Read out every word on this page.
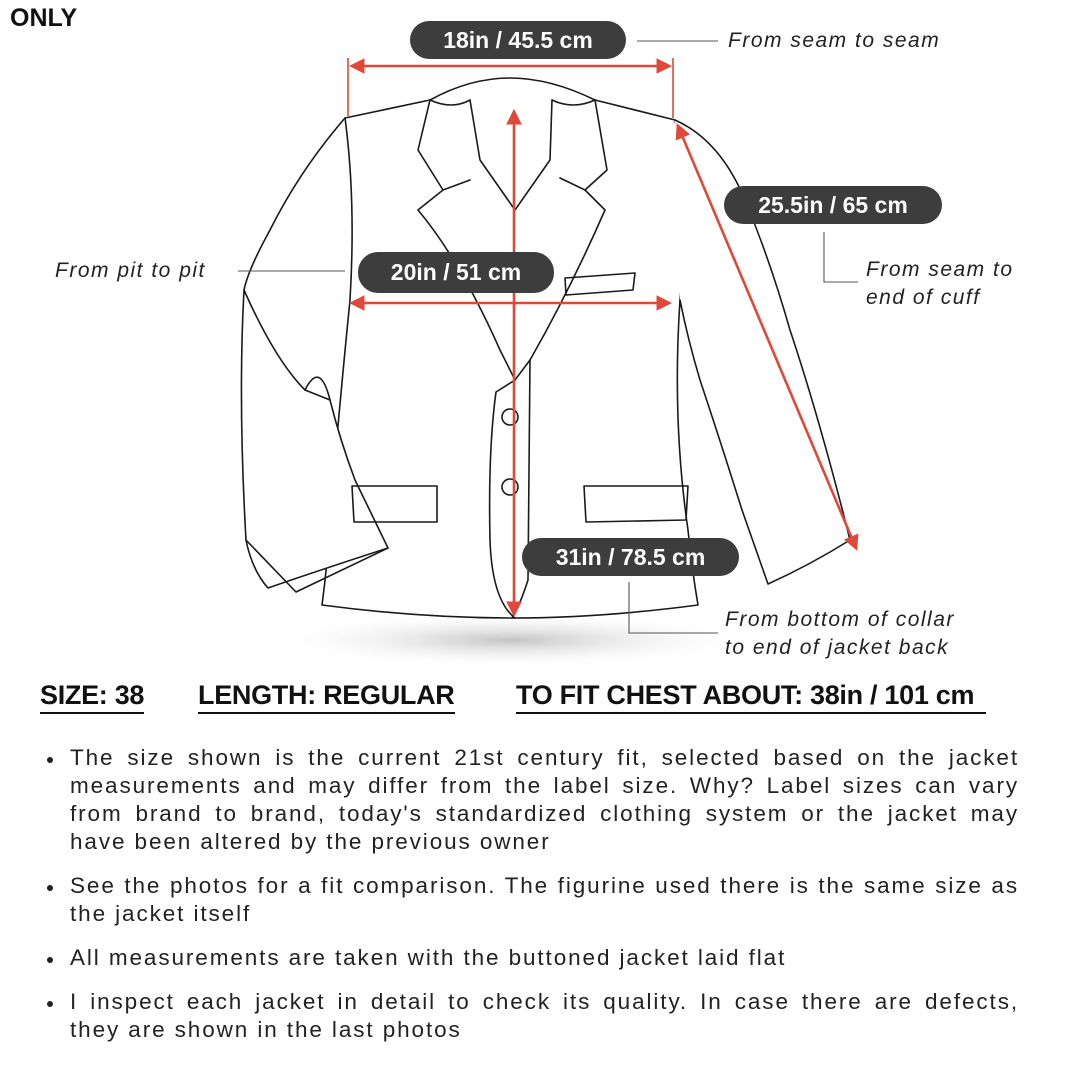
ONLY
18in / 45.5 cm
25.5in / 65 cm
20in / 51 cm
31in / 78.5 cm
From seam to seam
From pit to pit	From seam to
end of cuff
From bottom of collar
to end of jacket back
SIZE: 38 LENGTH: REGULAR TO FIT CHEST ABOUT: 38in / 101 cm
The size shown is the current 21st century fit, selected based on the jacket measurements and may differ from the label size. Why? Label sizes can vary from brand to brand, today's standardized clothing system or the jacket may have been altered by the previous owner
See the photos for a fit comparison. The figurine used there is the same size as the jacket itself
All measurements are taken with the buttoned jacket laid flat
I inspect each jacket in detail to check its quality. In case there are defects, they are shown in the last photos
